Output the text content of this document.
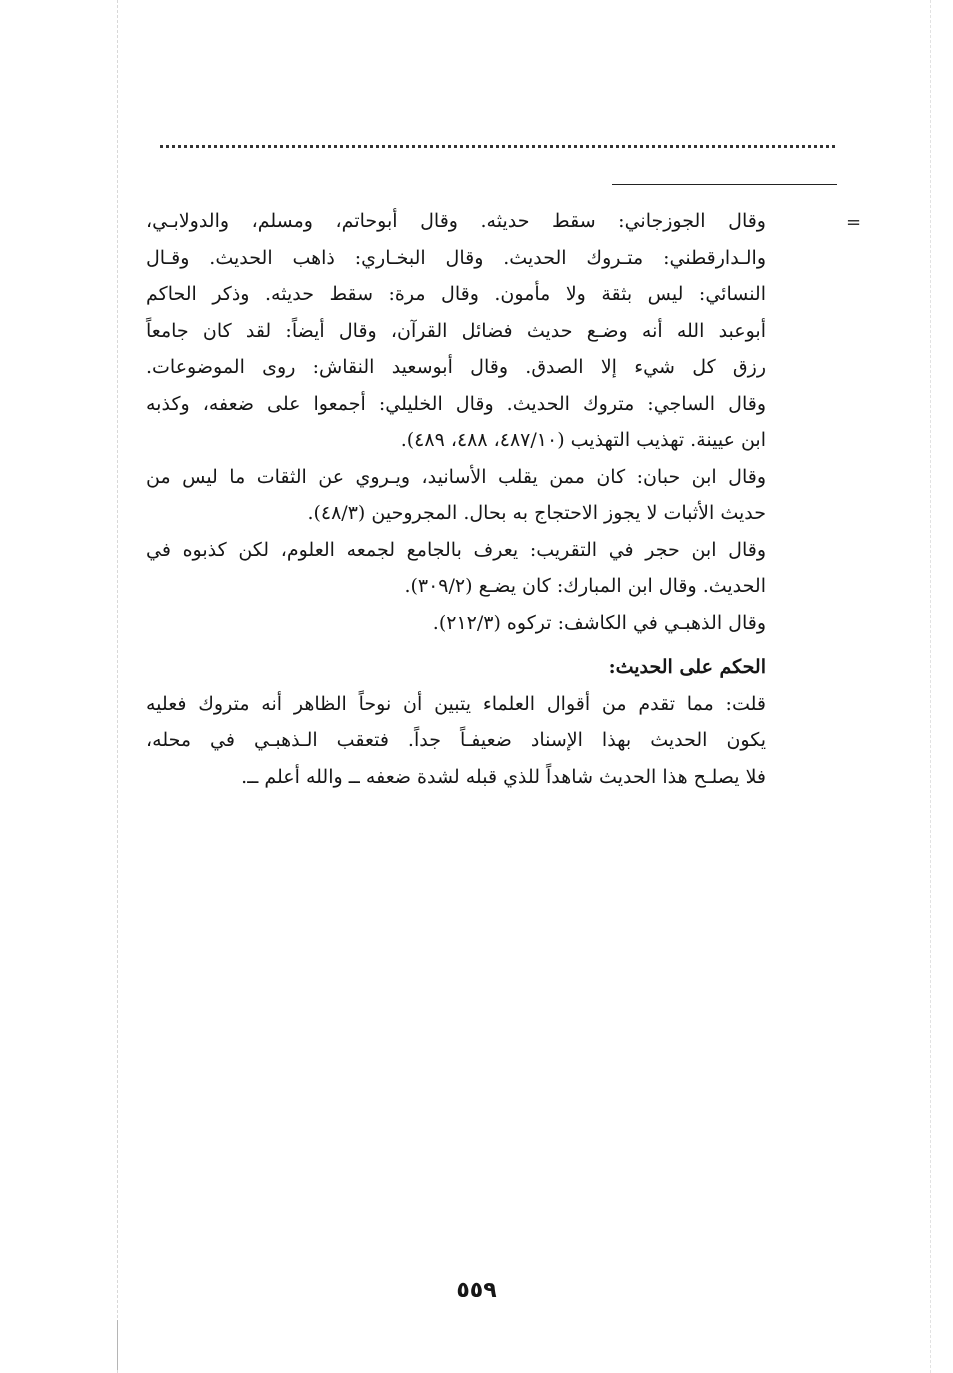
=
وقال الجوزجاني: سقط حديثه. وقال أبوحاتم، ومسلم، والدولابـي،
والـدارقطني: متـروك الحديث. وقال البخـاري: ذاهب الحديث. وقـال
النسائي: ليس بثقة ولا مأمون. وقال مرة: سقط حديثه. وذكر الحاكم
أبوعبد الله أنه وضـع حديث فضائل القرآن، وقال أيضاً: لقد كان جامعاً
رزق كل شيء إلا الصدق. وقال أبوسعيد النقاش: روى الموضوعات.
وقال الساجي: متروك الحديث. وقال الخليلي: أجمعوا على ضعفه، وكذبه
ابن عيينة. تهذيب التهذيب (٤٨٧/١٠، ٤٨٨، ٤٨٩).
وقال ابن حبان: كان ممن يقلب الأسانيد، ويـروي عن الثقات ما ليس من
حديث الأثبات لا يجوز الاحتجاج به بحال. المجروحين (٤٨/٣).
وقال ابن حجر في التقريب: يعرف بالجامع لجمعه العلوم، لكن كذبوه في
الحديث. وقال ابن المبارك: كان يضـع (٣٠٩/٢).
وقال الذهبـي في الكاشف: تركوه (٢١٢/٣).
الحكم على الحديث:
قلت: مما تقدم من أقوال العلماء يتبين أن نوحاً الظاهر أنه متروك فعليه
يكون الحديث بهذا الإسناد ضعيفـاً جداً. فتعقب الـذهبـي في محله،
فلا يصلـح هذا الحديث شاهداً للذي قبله لشدة ضعفه ــ والله أعلم ــ.
٥٥٩
